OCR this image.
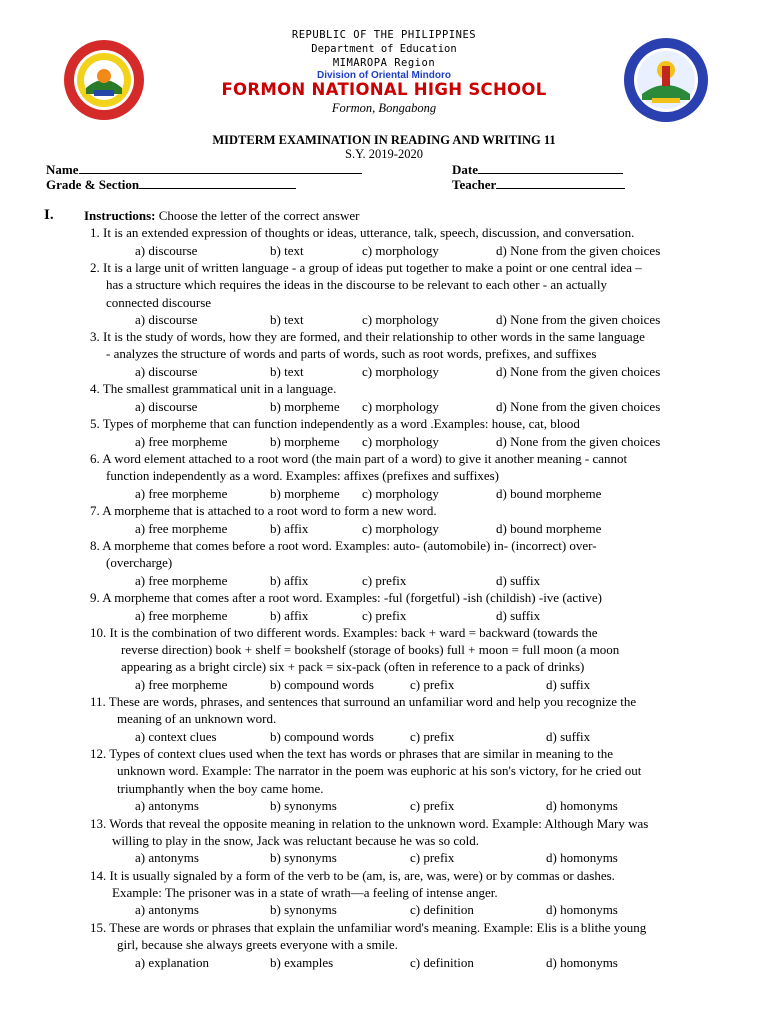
REPUBLIC OF THE PHILIPPINES
Department of Education
MIMAROPA Region
Division of Oriental Mindoro
FORMON NATIONAL HIGH SCHOOL
Formon, Bongabong
MIDTERM EXAMINATION IN READING AND WRITING 11
S.Y. 2019-2020
Name	Date
Grade & Section	Teacher
I. Instructions: Choose the letter of the correct answer
1. It is an extended expression of thoughts or ideas, utterance, talk, speech, discussion, and conversation.
a) discourse	b) text	c) morphology	d) None from the given choices
2. It is a large unit of written language - a group of ideas put together to make a point or one central idea –
has a structure which requires the ideas in the discourse to be relevant to each other - an actually
connected discourse
a) discourse	b) text	c) morphology	d) None from the given choices
3. It is the study of words, how they are formed, and their relationship to other words in the same language
- analyzes the structure of words and parts of words, such as root words, prefixes, and suffixes
a) discourse	b) text	c) morphology	d) None from the given choices
4. The smallest grammatical unit in a language.
a) discourse	b) morpheme c) morphology	d) None from the given choices
5. Types of morpheme that can function independently as a word .Examples: house, cat, blood
a) free morpheme	b) morpheme c) morphology	d) None from the given choices
6. A word element attached to a root word (the main part of a word) to give it another meaning - cannot
function independently as a word. Examples: affixes (prefixes and suffixes)
a) free morpheme	b) morpheme c) morphology	d) bound morpheme
7. A morpheme that is attached to a root word to form a new word.
a) free morpheme	b) affix	c) morphology	d) bound morpheme
8. A morpheme that comes before a root word. Examples: auto- (automobile) in- (incorrect) over-
(overcharge)
a) free morpheme	b) affix	c) prefix	d) suffix
9. A morpheme that comes after a root word. Examples: -ful (forgetful) -ish (childish) -ive (active)
a) free morpheme	b) affix	c) prefix	d) suffix
10. It is the combination of two different words. Examples: back + ward = backward (towards the
reverse direction) book + shelf = bookshelf (storage of books) full + moon = full moon (a moon
appearing as a bright circle) six + pack = six-pack (often in reference to a pack of drinks)
a) free morpheme	b) compound words	c) prefix	d) suffix
11. These are words, phrases, and sentences that surround an unfamiliar word and help you recognize the
meaning of an unknown word.
a) context clues	b) compound words	c) prefix	d) suffix
12. Types of context clues used when the text has words or phrases that are similar in meaning to the
unknown word. Example: The narrator in the poem was euphoric at his son's victory, for he cried out
triumphantly when the boy came home.
a) antonyms	b) synonyms	c) prefix	d) homonyms
13. Words that reveal the opposite meaning in relation to the unknown word. Example: Although Mary was
willing to play in the snow, Jack was reluctant because he was so cold.
a) antonyms	b) synonyms	c) prefix	d) homonyms
14. It is usually signaled by a form of the verb to be (am, is, are, was, were) or by commas or dashes.
Example: The prisoner was in a state of wrath—a feeling of intense anger.
a) antonyms	b) synonyms	c) definition	d) homonyms
15. These are words or phrases that explain the unfamiliar word's meaning. Example: Elis is a blithe young
girl, because she always greets everyone with a smile.
a) explanation	b) examples	c) definition	d) homonyms
